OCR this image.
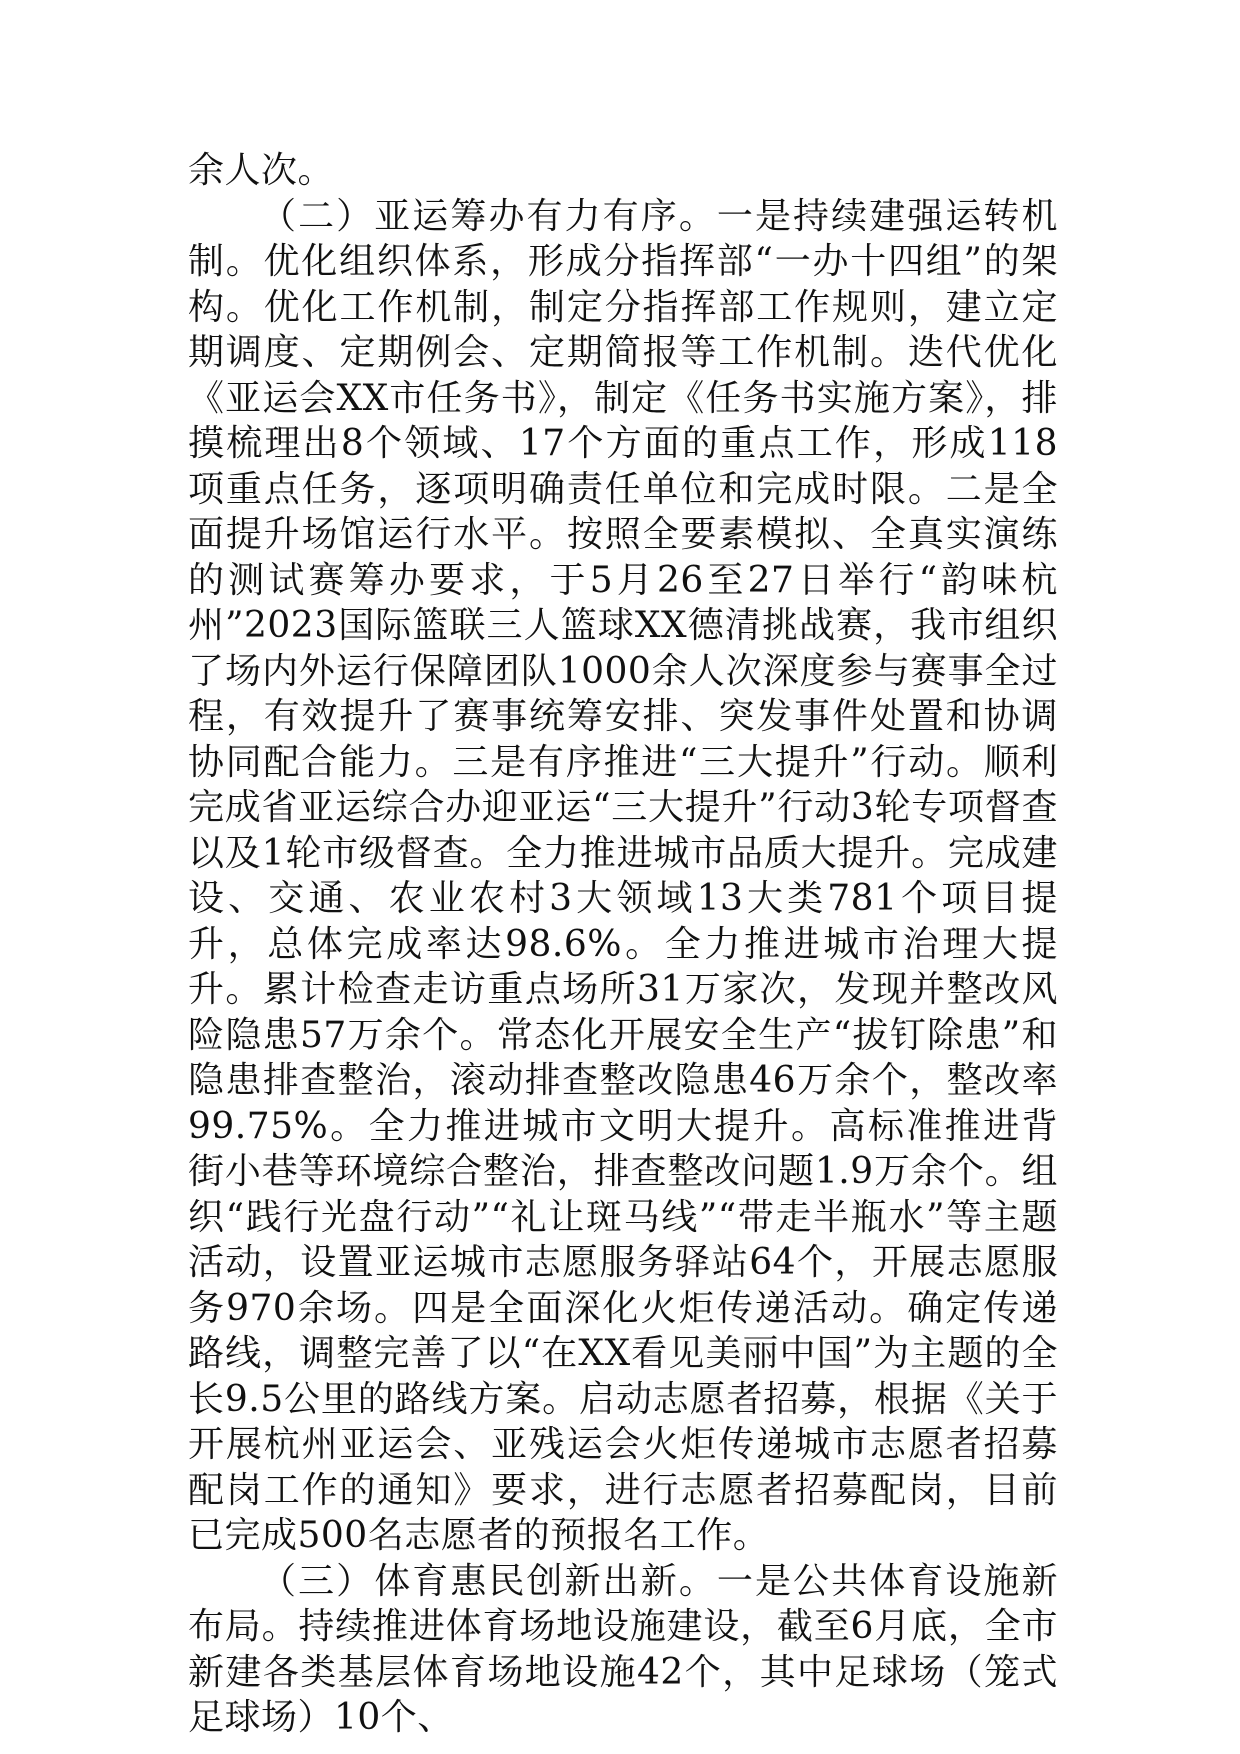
余人次。

（二）亚运筹办有力有序。一是持续建强运转机制。优化组织体系，形成分指挥部“一办十四组”的架构。优化工作机制，制定分指挥部工作规则，建立定期调度、定期例会、定期简报等工作机制。迭代优化《亚运会XX市任务书》，制定《任务书实施方案》，排摸梳理出8个领域、17个方面的重点工作，形成118项重点任务，逐项明确责任单位和完成时限。二是全面提升场馆运行水平。按照全要素模拟、全真实演练的测试赛筹办要求，于5月26至27日举行“韵味杭州”2023国际篮联三人篮球XX德清挑战赛，我市组织了场内外运行保障团队1000余人次深度参与赛事全过程，有效提升了赛事统筹安排、突发事件处置和协调协同配合能力。三是有序推进“三大提升”行动。顺利完成省亚运综合办迎亚运“三大提升”行动3轮专项督查以及1轮市级督查。全力推进城市品质大提升。完成建设、交通、农业农村3大领域13大类781个项目提升，总体完成率达98.6%。全力推进城市治理大提升。累计检查走访重点场所31万家次，发现并整改风险隐患57万余个。常态化开展安全生产“拔钉除患”和隐患排查整治，滚动排查整改隐患46万余个，整改率99.75%。全力推进城市文明大提升。高标准推进背街小巷等环境综合整治，排查整改问题1.9万余个。组织“践行光盘行动”“礼让斑马线”“带走半瓶水”等主题活动，设置亚运城市志愿服务驿站64个，开展志愿服务970余场。四是全面深化火炬传递活动。确定传递路线，调整完善了以“在XX看见美丽中国”为主题的全长9.5公里的路线方案。启动志愿者招募，根据《关于开展杭州亚运会、亚残运会火炬传递城市志愿者招募配岗工作的通知》要求，进行志愿者招募配岗，目前已完成500名志愿者的预报名工作。

（三）体育惠民创新出新。一是公共体育设施新布局。持续推进体育场地设施建设，截至6月底，全市新建各类基层体育场地设施42个，其中足球场（笼式足球场）10个、
